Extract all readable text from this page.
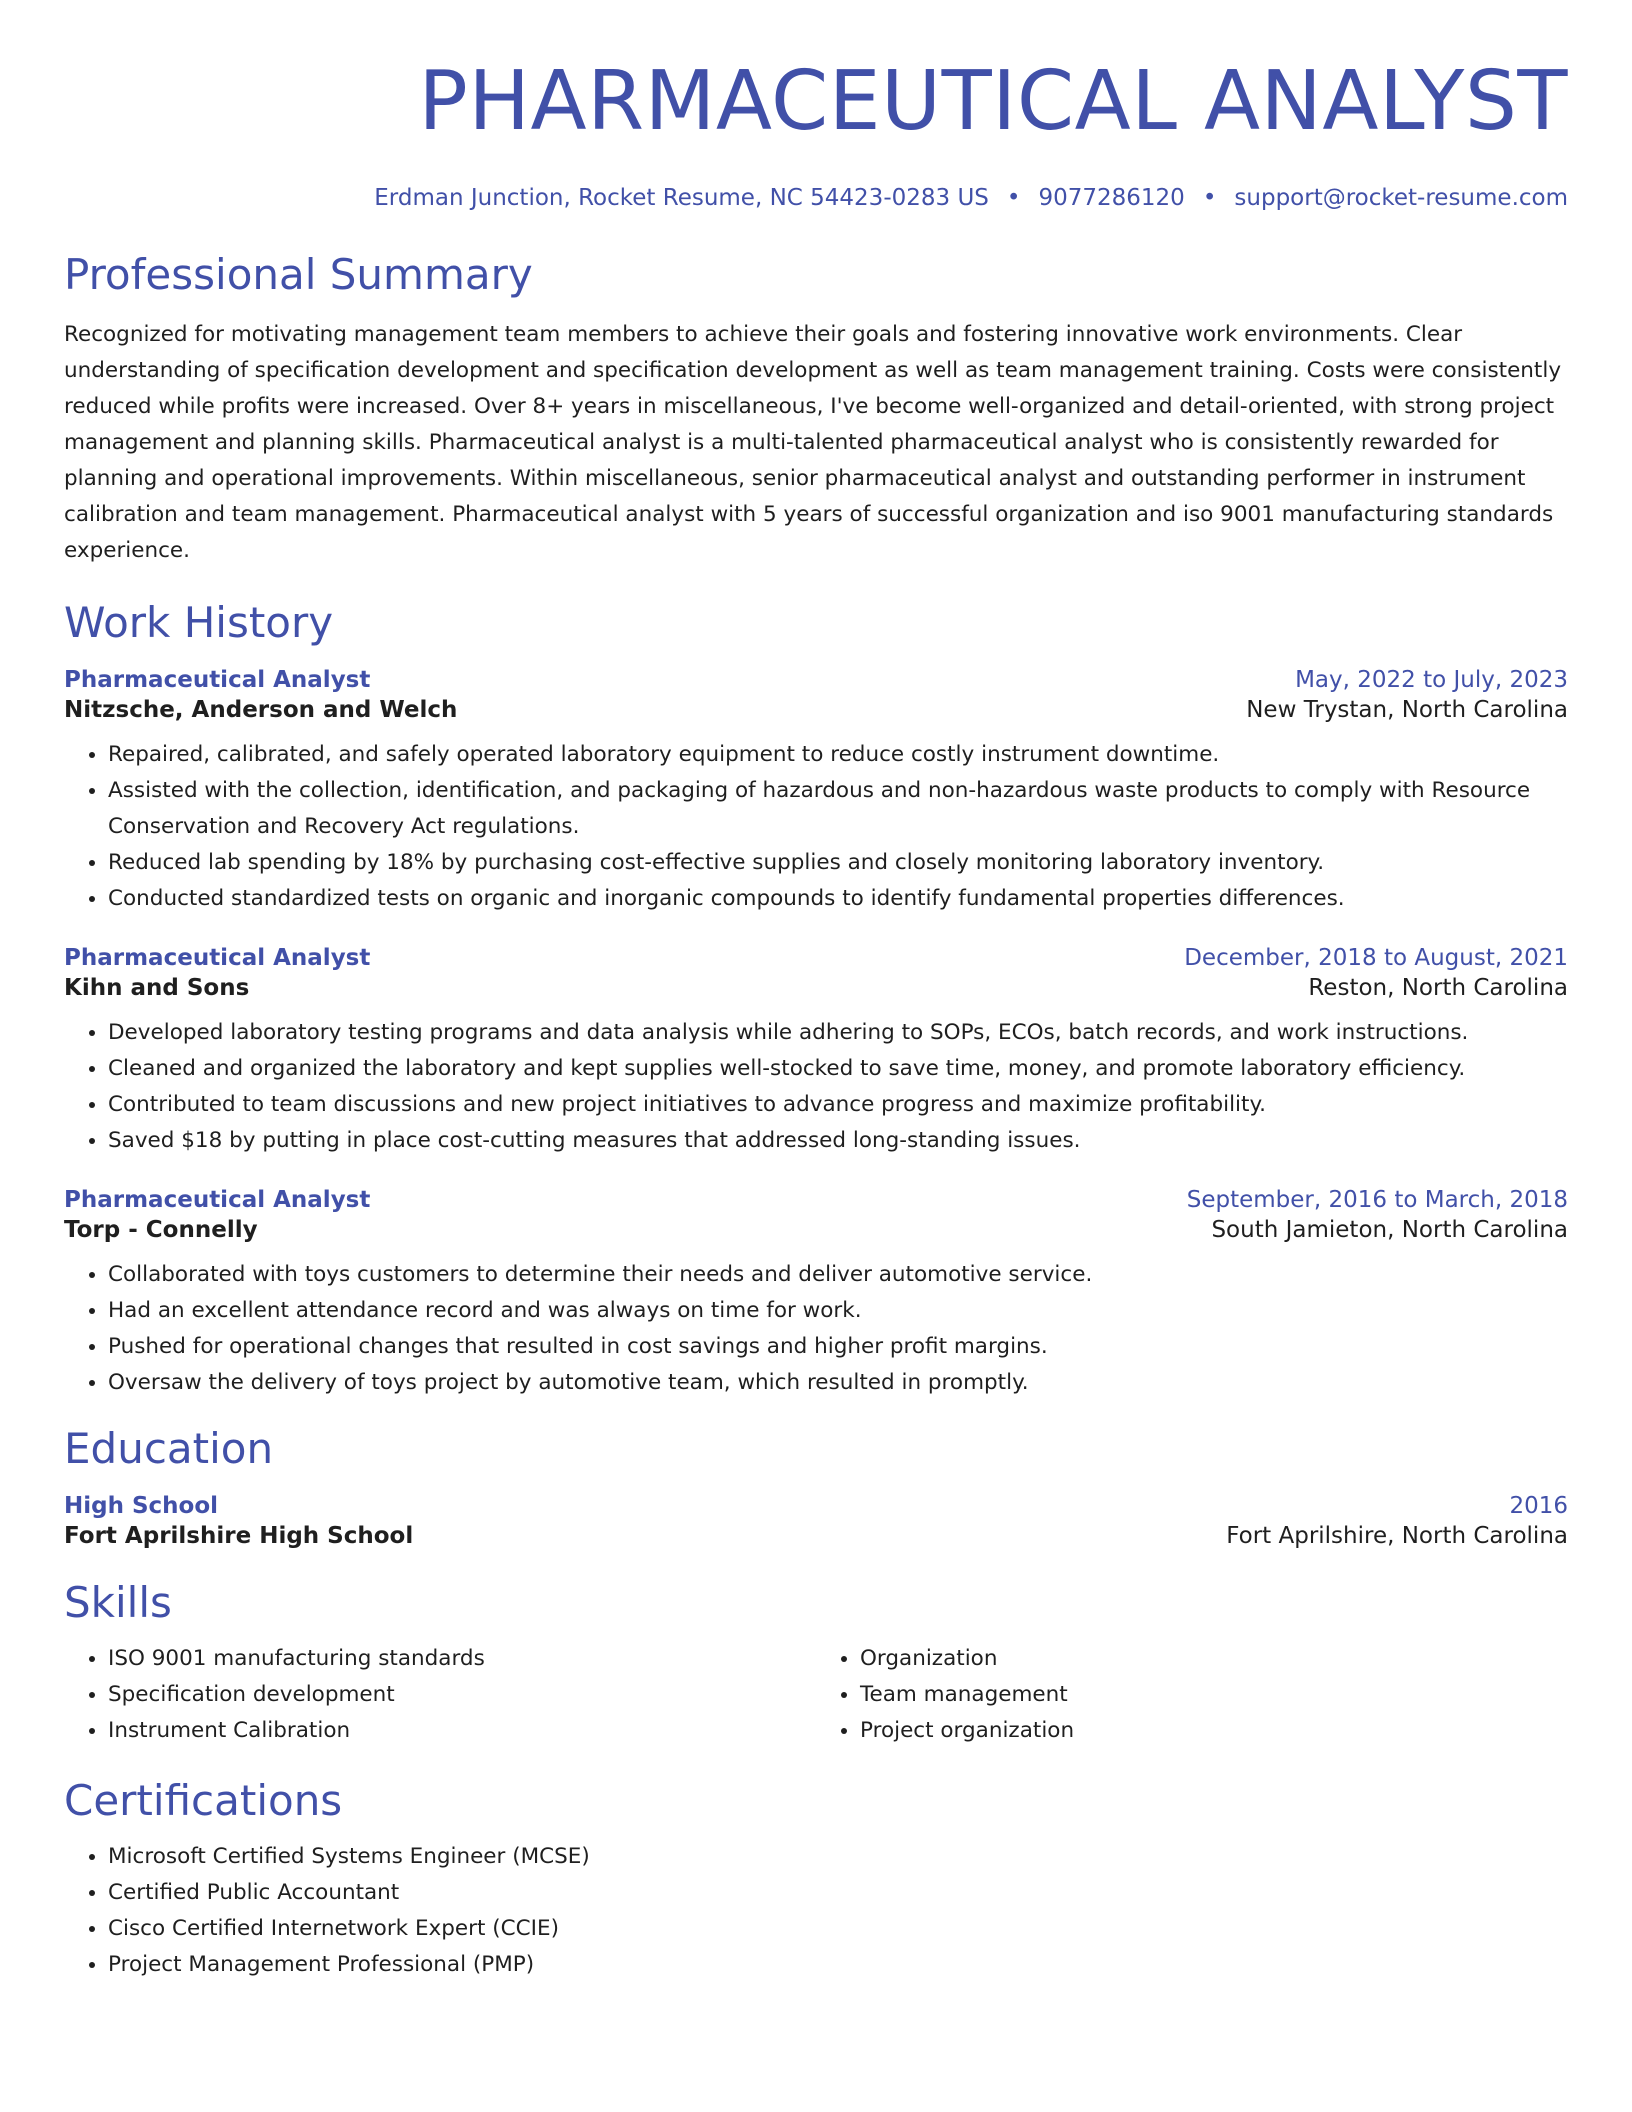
PHARMACEUTICAL ANALYST
Erdman Junction, Rocket Resume, NC 54423-0283 US • 9077286120 • support@rocket-resume.com
Professional Summary
Recognized for motivating management team members to achieve their goals and fostering innovative work environments. Clear understanding of specification development and specification development as well as team management training. Costs were consistently reduced while profits were increased. Over 8+ years in miscellaneous, I've become well-organized and detail-oriented, with strong project management and planning skills. Pharmaceutical analyst is a multi-talented pharmaceutical analyst who is consistently rewarded for planning and operational improvements. Within miscellaneous, senior pharmaceutical analyst and outstanding performer in instrument calibration and team management. Pharmaceutical analyst with 5 years of successful organization and iso 9001 manufacturing standards experience.
Work History
Pharmaceutical Analyst	May, 2022 to July, 2023
Nitzsche, Anderson and Welch	New Trystan, North Carolina
• Repaired, calibrated, and safely operated laboratory equipment to reduce costly instrument downtime.
• Assisted with the collection, identification, and packaging of hazardous and non-hazardous waste products to comply with Resource Conservation and Recovery Act regulations.
• Reduced lab spending by 18% by purchasing cost-effective supplies and closely monitoring laboratory inventory.
• Conducted standardized tests on organic and inorganic compounds to identify fundamental properties differences.
Pharmaceutical Analyst	December, 2018 to August, 2021
Kihn and Sons	Reston, North Carolina
• Developed laboratory testing programs and data analysis while adhering to SOPs, ECOs, batch records, and work instructions.
• Cleaned and organized the laboratory and kept supplies well-stocked to save time, money, and promote laboratory efficiency.
• Contributed to team discussions and new project initiatives to advance progress and maximize profitability.
• Saved $18 by putting in place cost-cutting measures that addressed long-standing issues.
Pharmaceutical Analyst	September, 2016 to March, 2018
Torp - Connelly	South Jamieton, North Carolina
• Collaborated with toys customers to determine their needs and deliver automotive service.
• Had an excellent attendance record and was always on time for work.
• Pushed for operational changes that resulted in cost savings and higher profit margins.
• Oversaw the delivery of toys project by automotive team, which resulted in promptly.
Education
High School	2016
Fort Aprilshire High School	Fort Aprilshire, North Carolina
Skills
• ISO 9001 manufacturing standards
• Specification development
• Instrument Calibration
• Organization
• Team management
• Project organization
Certifications
• Microsoft Certified Systems Engineer (MCSE)
• Certified Public Accountant
• Cisco Certified Internetwork Expert (CCIE)
• Project Management Professional (PMP)
